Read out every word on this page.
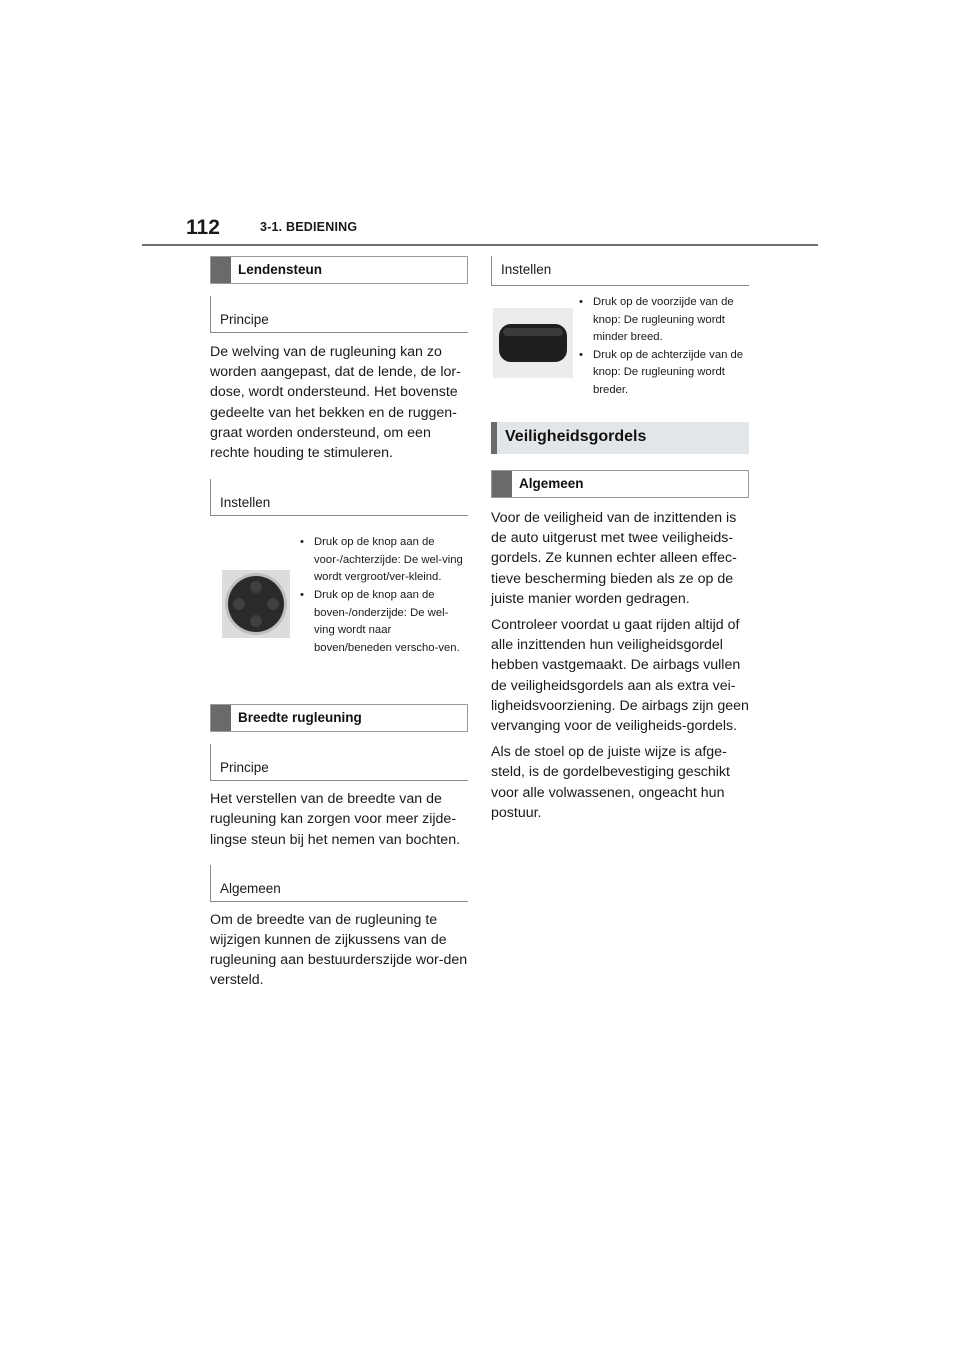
112	3-1. BEDIENING
Lendensteun
Principe

De welving van de rugleuning kan zo worden aangepast, dat de lende, de lor-dose, wordt ondersteund. Het bovenste gedeelte van het bekken en de ruggen-graat worden ondersteund, om een rechte houding te stimuleren.

Instellen
• Druk op de knop aan de voor-/achterzijde: De wel-ving wordt vergroot/ver-kleind.
• Druk op de knop aan de boven-/onderzijde: De wel-ving wordt naar boven/beneden verscho-ven.
Breedte rugleuning
Principe

Het verstellen van de breedte van de rugleuning kan zorgen voor meer zijde-lingse steun bij het nemen van bochten.

Algemeen

Om de breedte van de rugleuning te wijzigen kunnen de zijkussens van de rugleuning aan bestuurderszijde wor-den versteld.

Instellen
• Druk op de voorzijde van de knop: De rugleuning wordt minder breed.
• Druk op de achterzijde van de knop: De rugleuning wordt breder.
Veiligheidsgordels
Algemeen

Voor de veiligheid van de inzittenden is de auto uitgerust met twee veiligheids-gordels. Ze kunnen echter alleen effec-tieve bescherming bieden als ze op de juiste manier worden gedragen.

Controleer voordat u gaat rijden altijd of alle inzittenden hun veiligheidsgordel hebben vastgemaakt. De airbags vullen de veiligheidsgordels aan als extra vei-ligheidsvoorziening. De airbags zijn geen vervanging voor de veiligheids-gordels.

Als de stoel op de juiste wijze is afge-steld, is de gordelbevestiging geschikt voor alle volwassenen, ongeacht hun postuur.
